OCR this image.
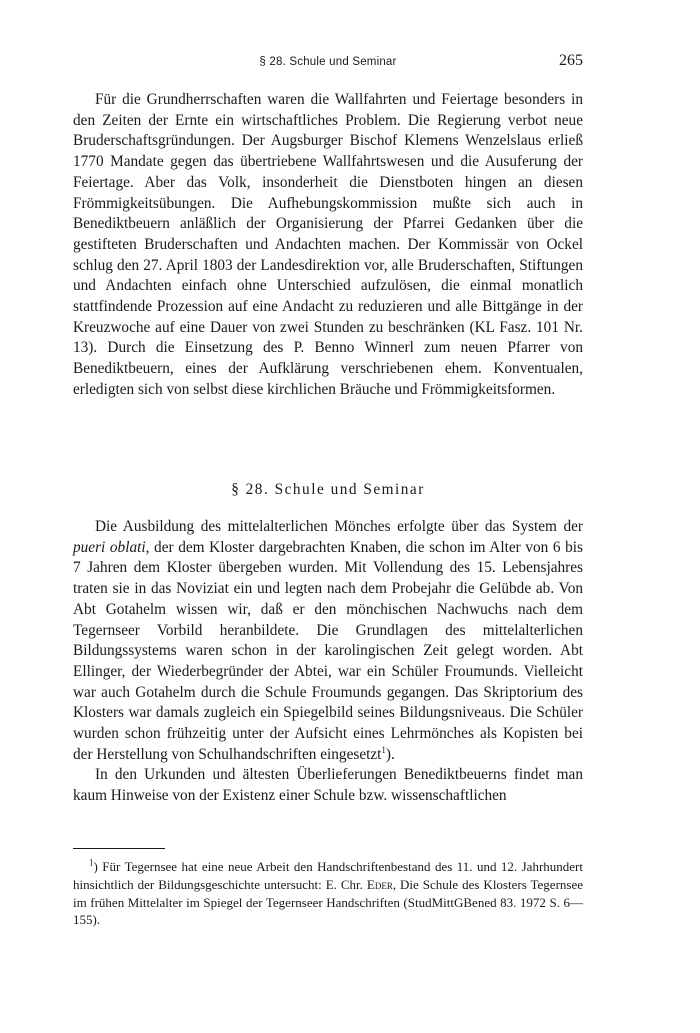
§ 28. Schule und Seminar	265

Für die Grundherrschaften waren die Wallfahrten und Feiertage besonders in den Zeiten der Ernte ein wirtschaftliches Problem. Die Regierung verbot neue Bruderschaftsgründungen. Der Augsburger Bischof Klemens Wenzelslaus erließ 1770 Mandate gegen das übertriebene Wallfahrtswesen und die Ausuferung der Feiertage. Aber das Volk, insonderheit die Dienstboten hingen an diesen Frömmigkeitsübungen. Die Aufhebungskommission mußte sich auch in Benediktbeuern anläßlich der Organisierung der Pfarrei Gedanken über die gestifteten Bruderschaften und Andachten machen. Der Kommissär von Ockel schlug den 27. April 1803 der Landesdirektion vor, alle Bruderschaften, Stiftungen und Andachten einfach ohne Unterschied aufzulösen, die einmal monatlich stattfindende Prozession auf eine Andacht zu reduzieren und alle Bittgänge in der Kreuzwoche auf eine Dauer von zwei Stunden zu beschränken (KL Fasz. 101 Nr. 13). Durch die Einsetzung des P. Benno Winnerl zum neuen Pfarrer von Benediktbeuern, eines der Aufklärung verschriebenen ehem. Konventualen, erledigten sich von selbst diese kirchlichen Bräuche und Frömmigkeitsformen.

§ 28. Schule und Seminar

Die Ausbildung des mittelalterlichen Mönches erfolgte über das System der pueri oblati, der dem Kloster dargebrachten Knaben, die schon im Alter von 6 bis 7 Jahren dem Kloster übergeben wurden. Mit Vollendung des 15. Lebensjahres traten sie in das Noviziat ein und legten nach dem Probejahr die Gelübde ab. Von Abt Gotahelm wissen wir, daß er den mönchischen Nachwuchs nach dem Tegernseer Vorbild heranbildete. Die Grundlagen des mittelalterlichen Bildungssystems waren schon in der karolingischen Zeit gelegt worden. Abt Ellinger, der Wiederbegründer der Abtei, war ein Schüler Froumunds. Vielleicht war auch Gotahelm durch die Schule Froumunds gegangen. Das Skriptorium des Klosters war damals zugleich ein Spiegelbild seines Bildungsniveaus. Die Schüler wurden schon frühzeitig unter der Aufsicht eines Lehrmönches als Kopisten bei der Herstellung von Schulhandschriften eingesetzt$^1$).

In den Urkunden und ältesten Überlieferungen Benediktbeuerns findet man kaum Hinweise von der Existenz einer Schule bzw. wissenschaftlichen

$^1$) Für Tegernsee hat eine neue Arbeit den Handschriftenbestand des 11. und 12. Jahrhundert hinsichtlich der Bildungsgeschichte untersucht: E. Chr. Eder, Die Schule des Klosters Tegernsee im frühen Mittelalter im Spiegel der Tegernseer Handschriften (StudMittGBened 83. 1972 S. 6—155).
